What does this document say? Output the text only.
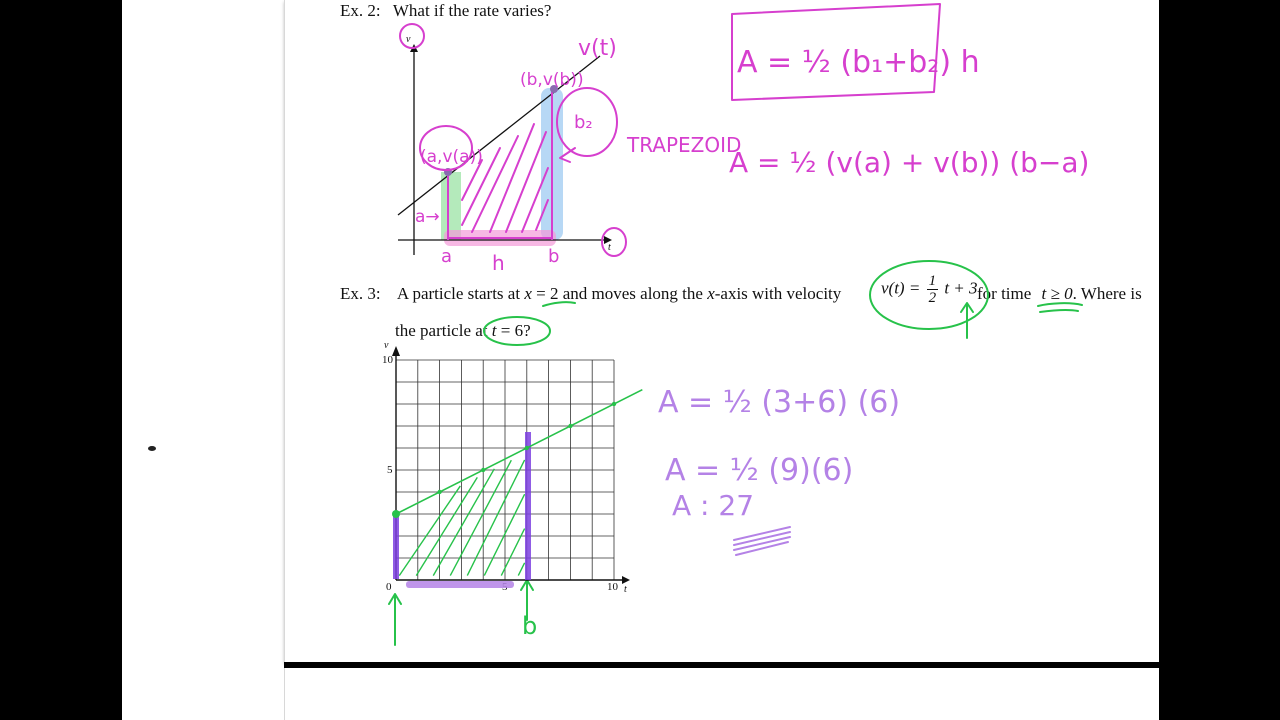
Ex. 2: What if the rate varies?
Ex. 3: A particle starts at x = 2 and moves along the x-axis with velocity $v(t) = \frac{1}{2}$ t + 3 for time t ≥ 0. Where is
the particle at t = 6?
v
t
(a,v(a))
(b,v(b))
v(t)
b₂
a→
a	b
h
A = ½ (b₁+b₂) h
TRAPEZOID
A = ½ (v(a) + v(b)) (b−a)
b
v
t
10
5
0	10
A = ½ (3+6) (6)
A = ½ (9)(6)
A : 27
